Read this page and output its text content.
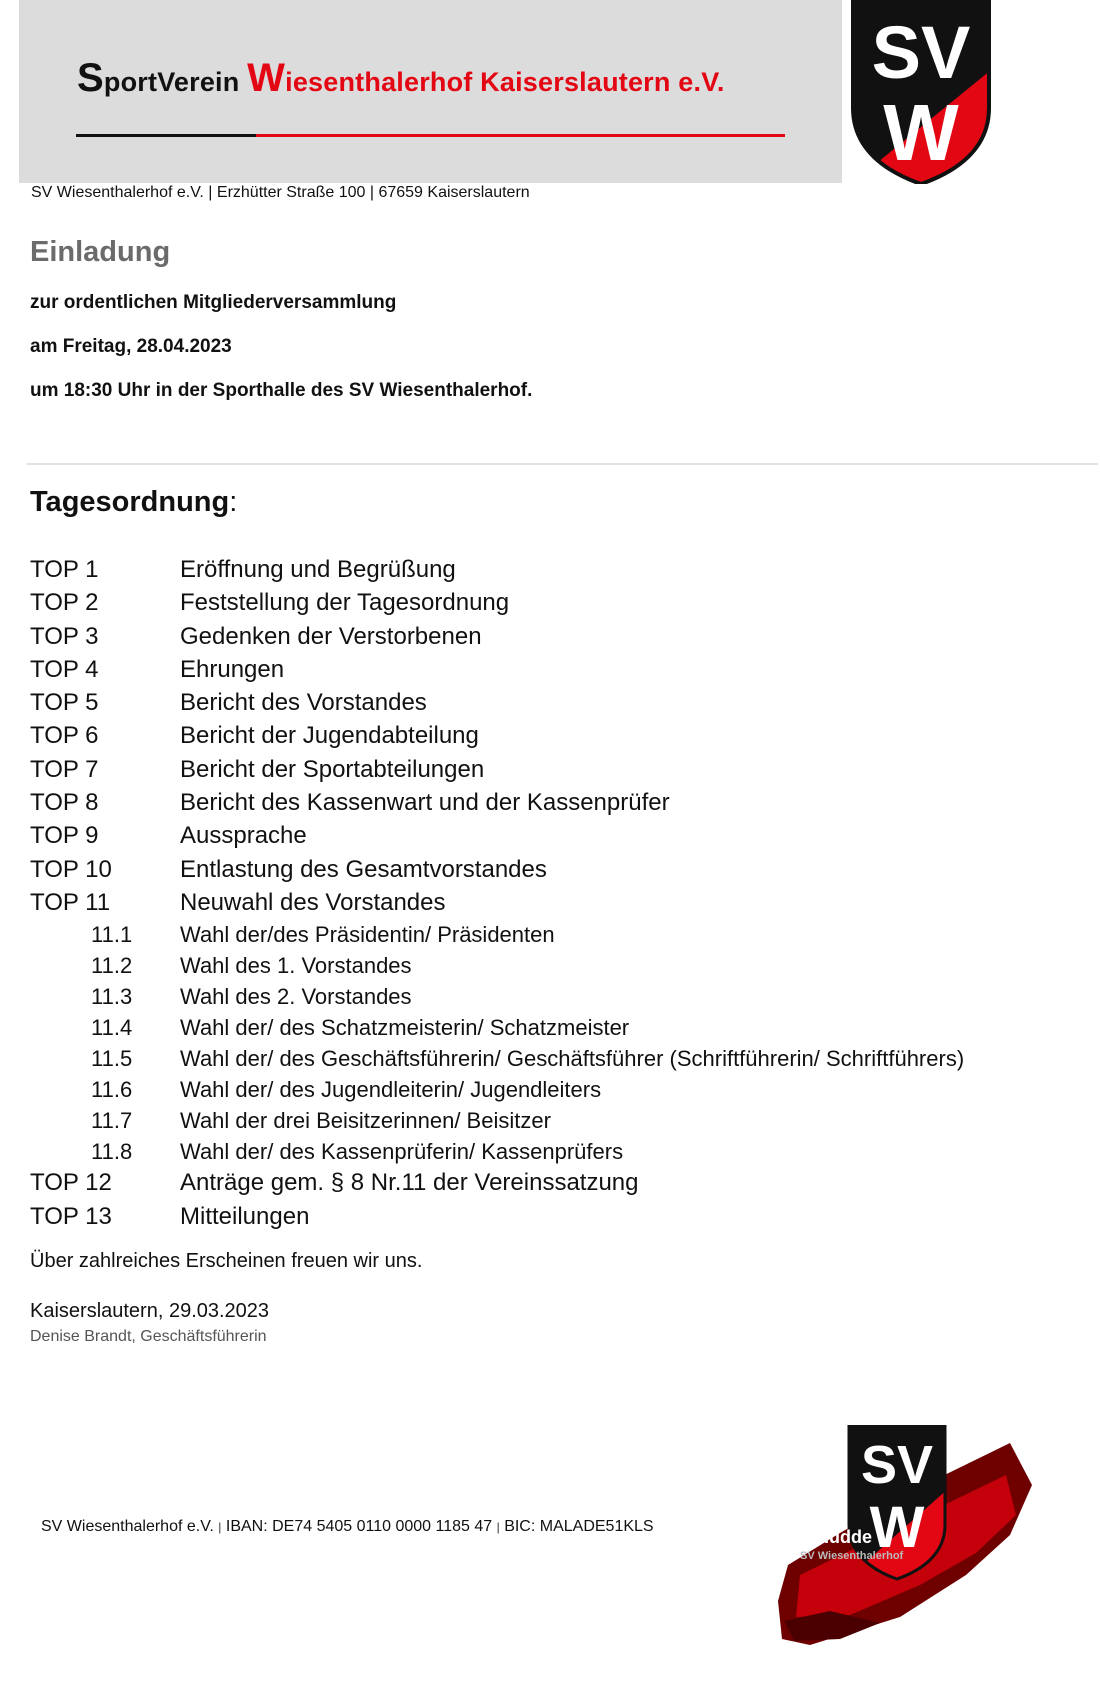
SportVerein Wiesenthalerhof Kaiserslautern e.V. SV
W
SV Wiesenthalerhof e.V. | Erzhütter Straße 100 | 67659 Kaiserslautern
Einladung
zur ordentlichen Mitgliederversammlung
am Freitag, 28.04.2023
um 18:30 Uhr in der Sporthalle des SV Wiesenthalerhof.
Tagesordnung:
TOP 1	Eröffnung und Begrüßung
TOP 2	Feststellung der Tagesordnung
TOP 3	Gedenken der Verstorbenen
TOP 4	Ehrungen
TOP 5	Bericht des Vorstandes
TOP 6	Bericht der Jugendabteilung
TOP 7	Bericht der Sportabteilungen
TOP 8	Bericht des Kassenwart und der Kassenprüfer
TOP 9	Aussprache
TOP 10	Entlastung des Gesamtvorstandes
TOP 11	Neuwahl des Vorstandes
11.1 Wahl der/des Präsidentin/ Präsidenten
11.2 Wahl des 1. Vorstandes
11.3 Wahl des 2. Vorstandes
11.4 Wahl der/ des Schatzmeisterin/ Schatzmeister
11.5 Wahl der/ des Geschäftsführerin/ Geschäftsführer (Schriftführerin/ Schriftführers)
11.6 Wahl der/ des Jugendleiterin/ Jugendleiters
11.7 Wahl der drei Beisitzerinnen/ Beisitzer
11.8 Wahl der/ des Kassenprüferin/ Kassenprüfers
TOP 12	Anträge gem. § 8 Nr.11 der Vereinssatzung
TOP 13	Mitteilungen
Über zahlreiches Erscheinen freuen wir uns.
Kaiserslautern, 29.03.2023
Denise Brandt, Geschäftsführerin
SV Wiesenthalerhof e.V. | IBAN: DE74 5405 0110 0000 1185 47 | BIC: MALADE51KLS
SV
W
#dieHüdde
SV Wiesenthalerhof
